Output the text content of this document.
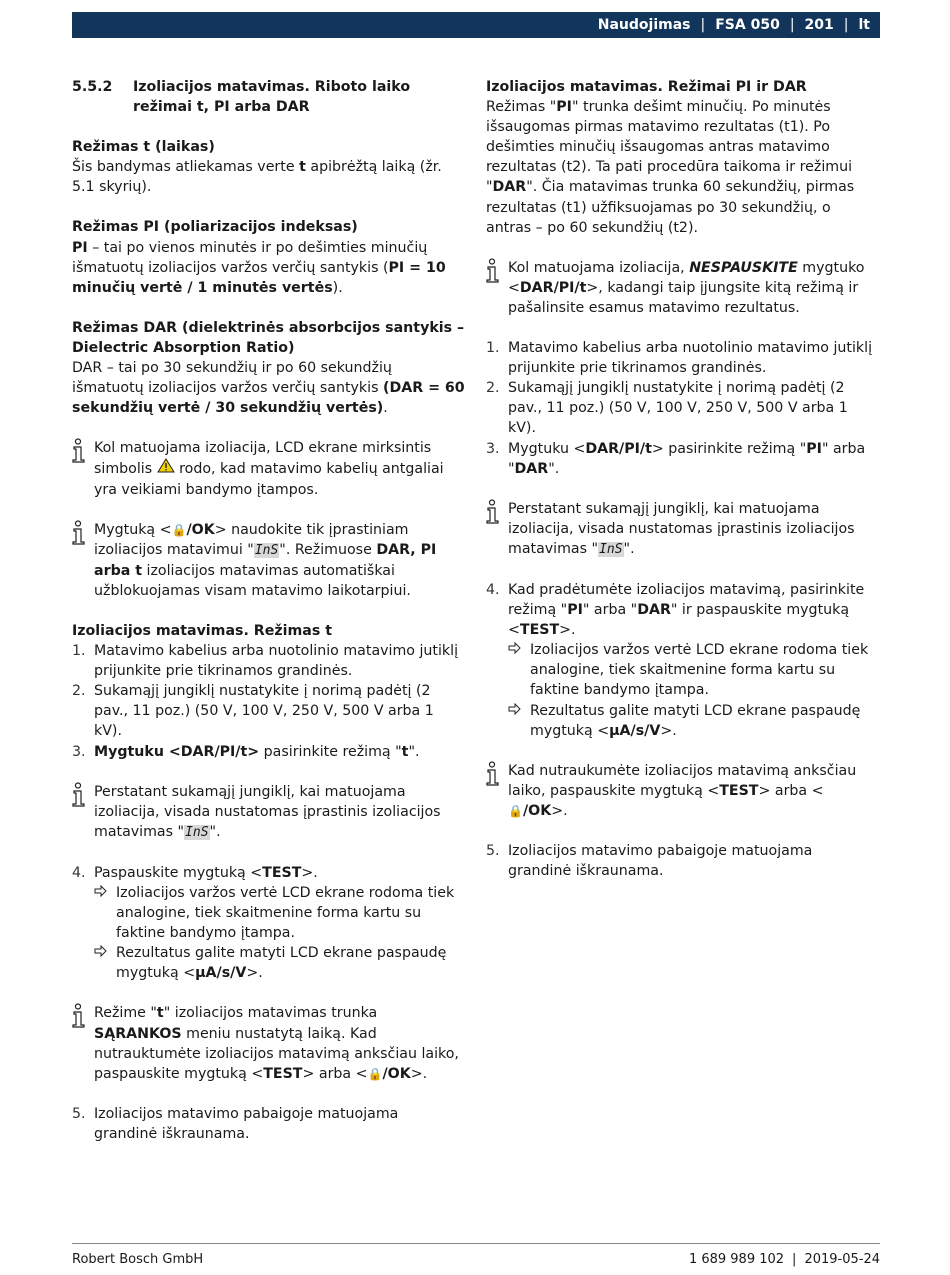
Naudojimas | FSA 050 | 201 | lt
5.5.2	Izoliacijos matavimas. Riboto laiko režimai t, PI arba DAR

Režimas t (laikas)

Šis bandymas atliekamas verte t apibrėžtą laiką (žr. 5.1 skyrių).

Režimas PI (poliarizacijos indeksas)

PI – tai po vienos minutės ir po dešimties minučių išmatuotų izoliacijos varžos verčių santykis (PI = 10 minučių vertė / 1 minutės vertės).

Režimas DAR (dielektrinės absorbcijos santykis – Dielectric Absorption Ratio)

DAR – tai po 30 sekundžių ir po 60 sekundžių išmatuotų izoliacijos varžos verčių santykis (DAR = 60 sekundžių vertė / 30 sekundžių vertės).

Kol matuojama izoliacija, LCD ekrane mirksintis simbolis  rodo, kad matavimo kabelių antgaliai yra veikiami bandymo įtampos.

Mygtuką <🔒/OK> naudokite tik įprastiniam izoliacijos matavimui "InS". Režimuose DAR, PI arba t izoliacijos matavimas automatiškai užblokuojamas visam matavimo laikotarpiui.

Izoliacijos matavimas. Režimas t

1. Matavimo kabelius arba nuotolinio matavimo jutiklį prijunkite prie tikrinamos grandinės.
2. Sukamąjį jungiklį nustatykite į norimą padėtį (2 pav., 11 poz.) (50 V, 100 V, 250 V, 500 V arba 1 kV).
3. Mygtuku <DAR/PI/t> pasirinkite režimą "t".

Perstatant sukamąjį jungiklį, kai matuojama izoliacija, visada nustatomas įprastinis izoliacijos matavimas "InS".

4. Paspauskite mygtuką <TEST>.
Izoliacijos varžos vertė LCD ekrane rodoma tiek analogine, tiek skaitmenine forma kartu su faktine bandymo įtampa.
Rezultatus galite matyti LCD ekrane paspaudę mygtuką <µA/s/V>.

Režime "t" izoliacijos matavimas trunka SĄRANKOS meniu nustatytą laiką. Kad nutrauktumėte izoliacijos matavimą anksčiau laiko, paspauskite mygtuką <TEST> arba <🔒/OK>.

5. Izoliacijos matavimo pabaigoje matuojama grandinė iškraunama.

Izoliacijos matavimas. Režimai PI ir DAR

Režimas "PI" trunka dešimt minučių. Po minutės išsaugomas pirmas matavimo rezultatas (t1). Po dešimties minučių išsaugomas antras matavimo rezultatas (t2). Ta pati procedūra taikoma ir režimui "DAR". Čia matavimas trunka 60 sekundžių, pirmas rezultatas (t1) užfiksuojamas po 30 sekundžių, o antras – po 60 sekundžių (t2).

Kol matuojama izoliacija, NESPAUSKITE mygtuko <DAR/PI/t>, kadangi taip įjungsite kitą režimą ir pašalinsite esamus matavimo rezultatus.

1. Matavimo kabelius arba nuotolinio matavimo jutiklį prijunkite prie tikrinamos grandinės.
2. Sukamąjį jungiklį nustatykite į norimą padėtį (2 pav., 11 poz.) (50 V, 100 V, 250 V, 500 V arba 1 kV).
3. Mygtuku <DAR/PI/t> pasirinkite režimą "PI" arba "DAR".

Perstatant sukamąjį jungiklį, kai matuojama izoliacija, visada nustatomas įprastinis izoliacijos matavimas "InS".

4. Kad pradėtumėte izoliacijos matavimą, pasirinkite režimą "PI" arba "DAR" ir paspauskite mygtuką <TEST>.
Izoliacijos varžos vertė LCD ekrane rodoma tiek analogine, tiek skaitmenine forma kartu su faktine bandymo įtampa.
Rezultatus galite matyti LCD ekrane paspaudę mygtuką <µA/s/V>.

Kad nutraukumėte izoliacijos matavimą anksčiau laiko, paspauskite mygtuką <TEST> arba <🔒/OK>.

5. Izoliacijos matavimo pabaigoje matuojama grandinė iškraunama.
Robert Bosch GmbH	1 689 989 102 | 2019-05-24
